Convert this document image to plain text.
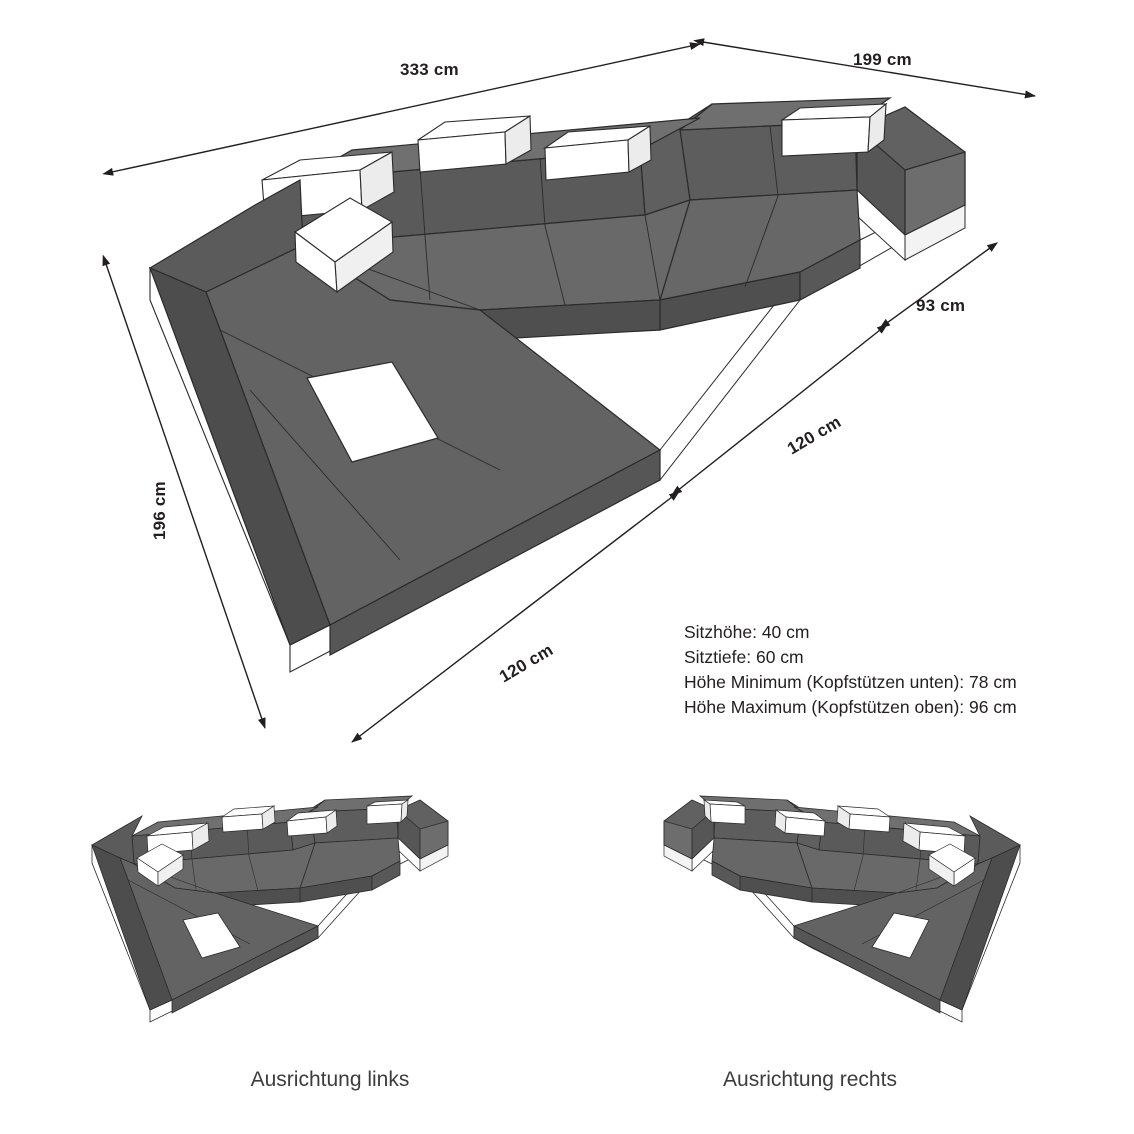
333 cm
199 cm
93 cm
120 cm
120 cm
196 cm
Sitzhöhe: 40 cm
Sitztiefe: 60 cm
Höhe Minimum (Kopfstützen unten): 78 cm
Höhe Maximum (Kopfstützen oben): 96 cm
Ausrichtung links	Ausrichtung rechts
